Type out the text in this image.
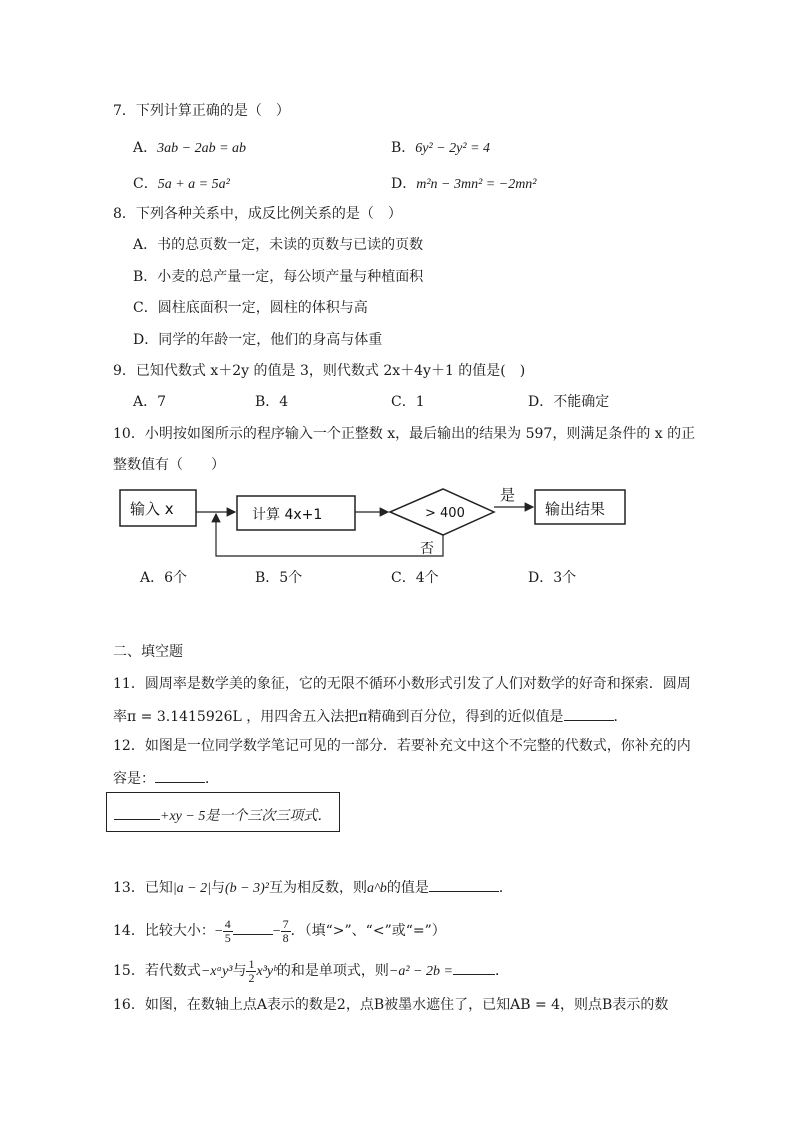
7．下列计算正确的是（　）
A．3ab − 2ab = ab	B．6y² − 2y² = 4
C．5a + a = 5a²	D．m²n − 3mn² = −2mn²
8．下列各种关系中，成反比例关系的是（　）
A．书的总页数一定，未读的页数与已读的页数
B．小麦的总产量一定，每公顷产量与种植面积
C．圆柱底面积一定，圆柱的体积与高
D．同学的年龄一定，他们的身高与体重
9．已知代数式 x＋2y 的值是 3，则代数式 2x＋4y＋1 的值是(　)
A．7	B．4	C．1	D．不能确定
10．小明按如图所示的程序输入一个正整数 x，最后输出的结果为 597，则满足条件的 x 的正
整数值有（　　）
输入 x	计算 4x+1	> 400
是
否
输出结果
A．6个	B．5个	C．4个	D．3个
二、填空题
11．圆周率是数学美的象征，它的无限不循环小数形式引发了人们对数学的好奇和探索．圆周
率π = 3.1415926L ，用四舍五入法把π精确到百分位，得到的近似值是	．
12．如图是一位同学数学笔记可见的一部分．若要补充文中这个不完整的代数式，你补充的内
容是：	．
+xy − 5是一个三次三项式．
13．已知|a − 2|与(b − 3)²互为相反数，则a^b的值是	．
14．比较大小：− $\frac{4}{5}$	− $\frac{7}{8}$ ．（填“>”、“<”或“=”）
15．若代数式−xᵃy³与 $\frac{1}{2}$ x³yᵇ的和是单项式，则−a² − 2b =	．
16．如图，在数轴上点A表示的数是2，点B被墨水遮住了，已知AB = 4，则点B表示的数
